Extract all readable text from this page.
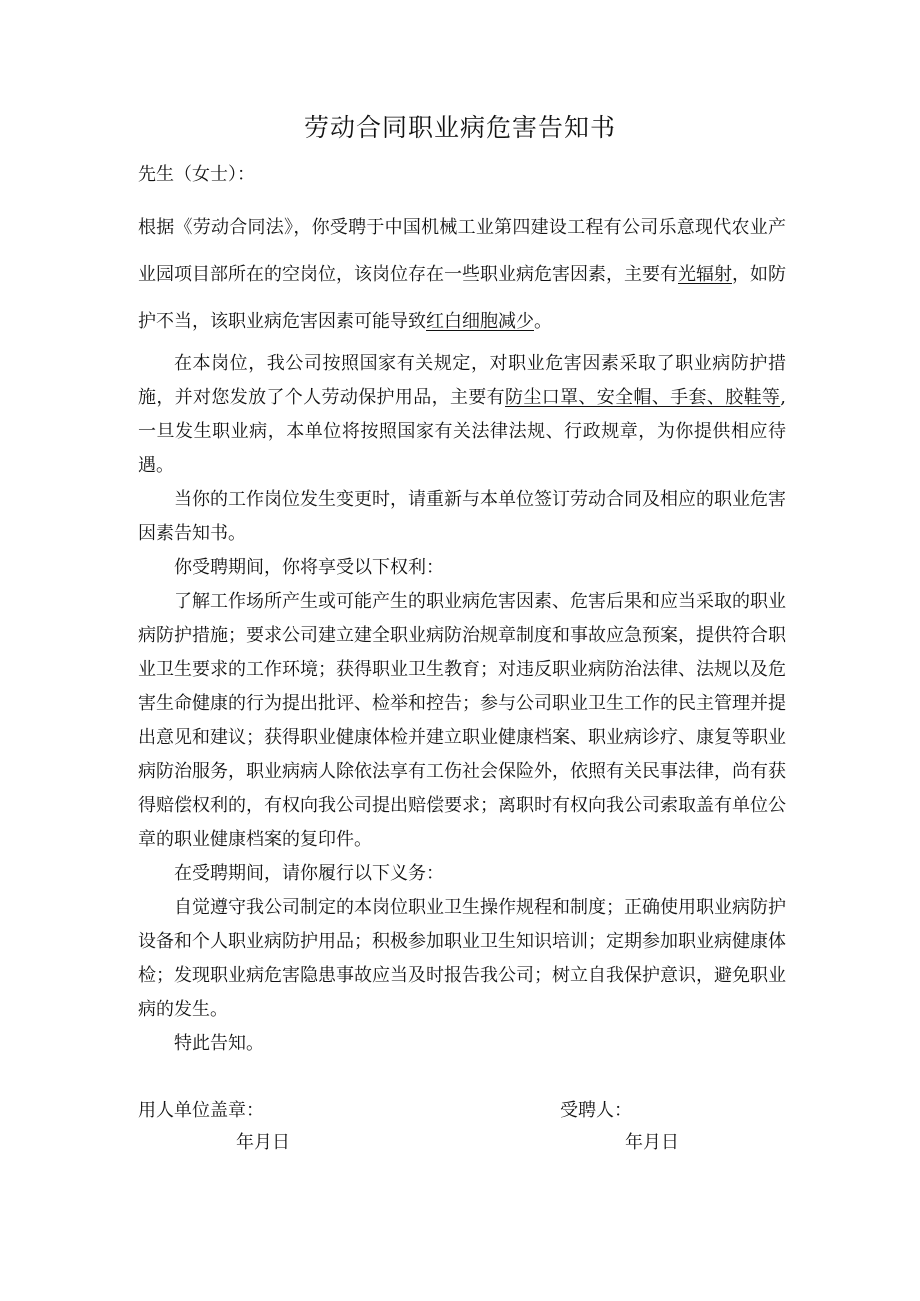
劳动合同职业病危害告知书
先生（女士）：
根据《劳动合同法》，你受聘于中国机械工业第四建设工程有公司乐意现代农业产业园项目部所在的空岗位，该岗位存在一些职业病危害因素，主要有光辐射，如防护不当，该职业病危害因素可能导致红白细胞减少。

在本岗位，我公司按照国家有关规定，对职业危害因素采取了职业病防护措施，并对您发放了个人劳动保护用品，主要有防尘口罩、安全帽、手套、胶鞋等,一旦发生职业病，本单位将按照国家有关法律法规、行政规章，为你提供相应待遇。

当你的工作岗位发生变更时，请重新与本单位签订劳动合同及相应的职业危害因素告知书。

你受聘期间，你将享受以下权利：

了解工作场所产生或可能产生的职业病危害因素、危害后果和应当采取的职业病防护措施；要求公司建立建全职业病防治规章制度和事故应急预案，提供符合职业卫生要求的工作环境；获得职业卫生教育；对违反职业病防治法律、法规以及危害生命健康的行为提出批评、检举和控告；参与公司职业卫生工作的民主管理并提出意见和建议；获得职业健康体检并建立职业健康档案、职业病诊疗、康复等职业病防治服务，职业病病人除依法享有工伤社会保险外，依照有关民事法律，尚有获得赔偿权利的，有权向我公司提出赔偿要求；离职时有权向我公司索取盖有单位公章的职业健康档案的复印件。

在受聘期间，请你履行以下义务：

自觉遵守我公司制定的本岗位职业卫生操作规程和制度；正确使用职业病防护设备和个人职业病防护用品；积极参加职业卫生知识培训；定期参加职业病健康体检；发现职业病危害隐患事故应当及时报告我公司；树立自我保护意识，避免职业病的发生。

特此告知。

用人单位盖章：	受聘人：
年月日	年月日
